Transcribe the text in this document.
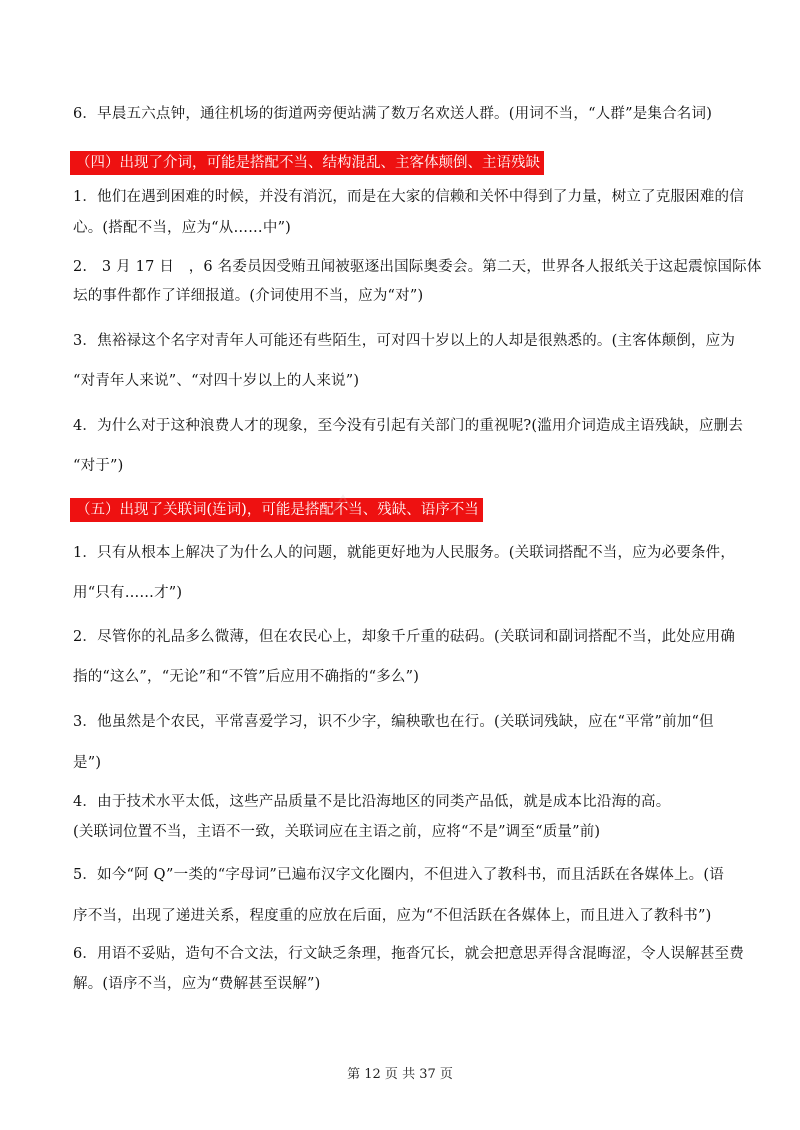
6．早晨五六点钟，通往机场的街道两旁便站满了数万名欢送人群。(用词不当，“人群”是集合名词)
（四）出现了介词，可能是搭配不当、结构混乱、主客体颠倒、主语残缺
1．他们在遇到困难的时候，并没有消沉，而是在大家的信赖和关怀中得到了力量，树立了克服困难的信
心。(搭配不当，应为“从……中”)
2.　3 月 17 日　，6 名委员因受贿丑闻被驱逐出国际奥委会。第二天，世界各人报纸关于这起震惊国际体
坛的事件都作了详细报道。(介词使用不当，应为“对”)
3．焦裕禄这个名字对青年人可能还有些陌生，可对四十岁以上的人却是很熟悉的。(主客体颠倒，应为
“对青年人来说”、“对四十岁以上的人来说”)
4．为什么对于这种浪费人才的现象，至今没有引起有关部门的重视呢?(滥用介词造成主语残缺，应删去
“对于”)
（五）出现了关联词(连词)，可能是搭配不当、残缺、语序不当
1．只有从根本上解决了为什么人的问题，就能更好地为人民服务。(关联词搭配不当，应为必要条件，
用“只有……才”)
2．尽管你的礼品多么微薄，但在农民心上，却象千斤重的砝码。(关联词和副词搭配不当，此处应用确
指的“这么”，“无论”和“不管”后应用不确指的“多么”)
3．他虽然是个农民，平常喜爱学习，识不少字，编秧歌也在行。(关联词残缺，应在“平常”前加“但
是”)
4．由于技术水平太低，这些产品质量不是比沿海地区的同类产品低，就是成本比沿海的高。
(关联词位置不当，主语不一致，关联词应在主语之前，应将“不是”调至“质量”前)
5．如今“阿 Q”一类的“字母词”已遍布汉字文化圈内，不但进入了教科书，而且活跃在各媒体上。(语
序不当，出现了递进关系，程度重的应放在后面，应为“不但活跃在各媒体上，而且进入了教科书”)
6．用语不妥贴，造句不合文法，行文缺乏条理，拖沓冗长，就会把意思弄得含混晦涩，令人误解甚至费
解。(语序不当，应为“费解甚至误解”)
第 12 页 共 37 页
